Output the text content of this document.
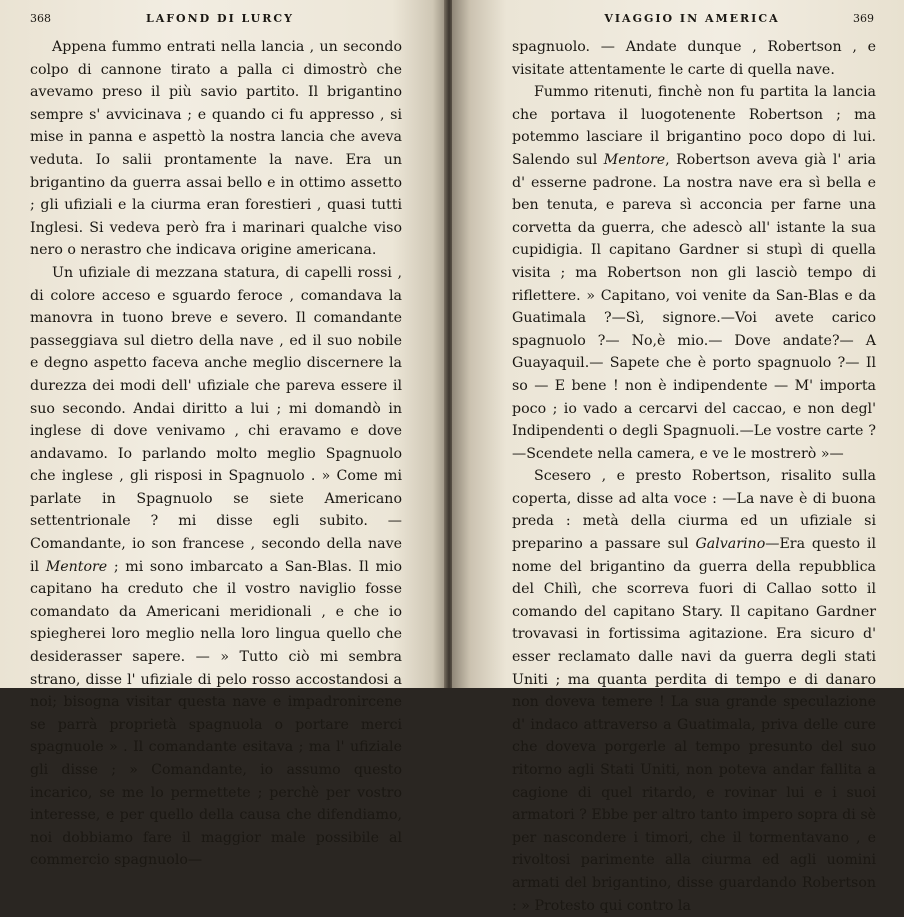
368	LAFOND DI LURCY

Appena fummo entrati nella lancia , un secondo colpo di cannone tirato a palla ci dimostrò che avevamo preso il più savio partito. Il brigantino sempre s' avvicinava ; e quando ci fu appresso , si mise in panna e aspettò la nostra lancia che aveva veduta. Io salii prontamente la nave. Era un brigantino da guerra assai bello e in ottimo assetto ; gli ufiziali e la ciurma eran forestieri , quasi tutti Inglesi. Si vedeva però fra i marinari qualche viso nero o nerastro che indicava origine americana.

Un ufiziale di mezzana statura, di capelli rossi , di colore acceso e sguardo feroce , comandava la manovra in tuono breve e severo. Il comandante passeggiava sul dietro della nave , ed il suo nobile e degno aspetto faceva anche meglio discernere la durezza dei modi dell' ufiziale che pareva essere il suo secondo. Andai diritto a lui ; mi domandò in inglese di dove venivamo , chi eravamo e dove andavamo. Io parlando molto meglio Spagnuolo che inglese , gli risposi in Spagnuolo . » Come mi parlate in Spagnuolo se siete Americano settentrionale ? mi disse egli subito. — Comandante, io son francese , secondo della nave il Mentore ; mi sono imbarcato a San-Blas. Il mio capitano ha creduto che il vostro naviglio fosse comandato da Americani meridionali , e che io spiegherei loro meglio nella loro lingua quello che desiderasser sapere. — » Tutto ciò mi sembra strano, disse l' ufiziale di pelo rosso accostandosi a noi; bisogna visitar questa nave e impadronircene se parrà proprietà spagnuola o portare merci spagnuole » . Il comandante esitava ; ma l' ufiziale gli disse ; » Comandante, io assumo questo incarico, se me lo permettete ; perchè per vostro interesse, e per quello della causa che difendiamo, noi dobbiamo fare il maggior male possibile al commercio spagnuolo—

VIAGGIO IN AMERICA	369

spagnuolo. — Andate dunque , Robertson , e visitate attentamente le carte di quella nave.

Fummo ritenuti, finchè non fu partita la lancia che portava il luogotenente Robertson ; ma potemmo lasciare il brigantino poco dopo di lui. Salendo sul Mentore, Robertson aveva già l' aria d' esserne padrone. La nostra nave era sì bella e ben tenuta, e pareva sì acconcia per farne una corvetta da guerra, che adescò all' istante la sua cupidigia. Il capitano Gardner si stupì di quella visita ; ma Robertson non gli lasciò tempo di riflettere. » Capitano, voi venite da San-Blas e da Guatimala ?—Sì, signore.—Voi avete carico spagnuolo ?— No,è mio.— Dove andate?— A Guayaquil.— Sapete che è porto spagnuolo ?— Il so — E bene ! non è indipendente — M' importa poco ; io vado a cercarvi del caccao, e non degl' Indipendenti o degli Spagnuoli.—Le vostre carte ?—Scendete nella camera, e ve le mostrerò »—

Scesero , e presto Robertson, risalito sulla coperta, disse ad alta voce : —La nave è di buona preda : metà della ciurma ed un ufiziale si preparino a passare sul Galvarino—Era questo il nome del brigantino da guerra della repubblica del Chilì, che scorreva fuori di Callao sotto il comando del capitano Stary. Il capitano Gardner trovavasi in fortissima agitazione. Era sicuro d' esser reclamato dalle navi da guerra degli stati Uniti ; ma quanta perdita di tempo e di danaro non doveva temere ! La sua grande speculazione d' indaco attraverso a Guatimala, priva delle cure che doveva porgerle al tempo presunto del suo ritorno agli Stati Uniti, non poteva andar fallita a cagione di quel ritardo, e rovinar lui e i suoi armatori ? Ebbe per altro tanto impero sopra di sè per nascondere i timori, che il tormentavano , e rivoltosi parimente alla ciurma ed agli uomini armati del brigantino, disse guardando Robertson : » Protesto qui contro la
